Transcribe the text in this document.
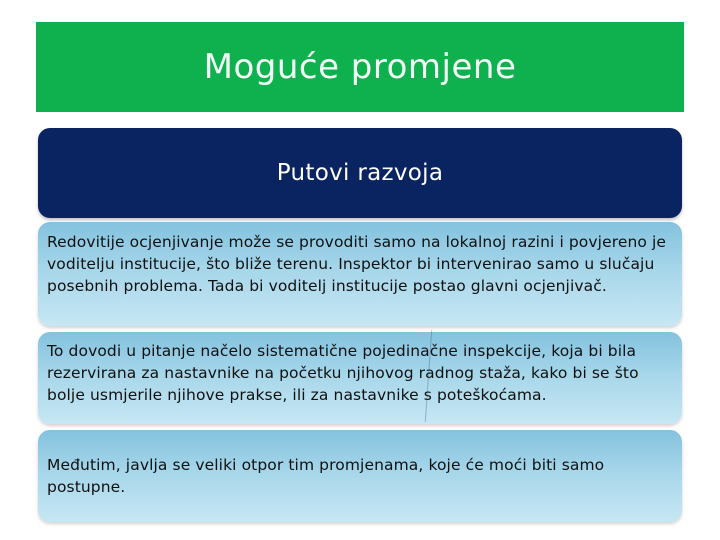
Moguće promjene
Putovi razvoja

Redovitije ocjenjivanje može se provoditi samo na lokalnoj razini i povjereno je voditelju institucije, što bliže terenu. Inspektor bi intervenirao samo u slučaju posebnih problema. Tada bi voditelj institucije postao glavni ocjenjivač.

To dovodi u pitanje načelo sistematične pojedinačne inspekcije, koja bi bila rezervirana za nastavnike na početku njihovog radnog staža, kako bi se što bolje usmjerile njihove prakse, ili za nastavnike s poteškoćama.

Međutim, javlja se veliki otpor tim promjenama, koje će moći biti samo postupne.
